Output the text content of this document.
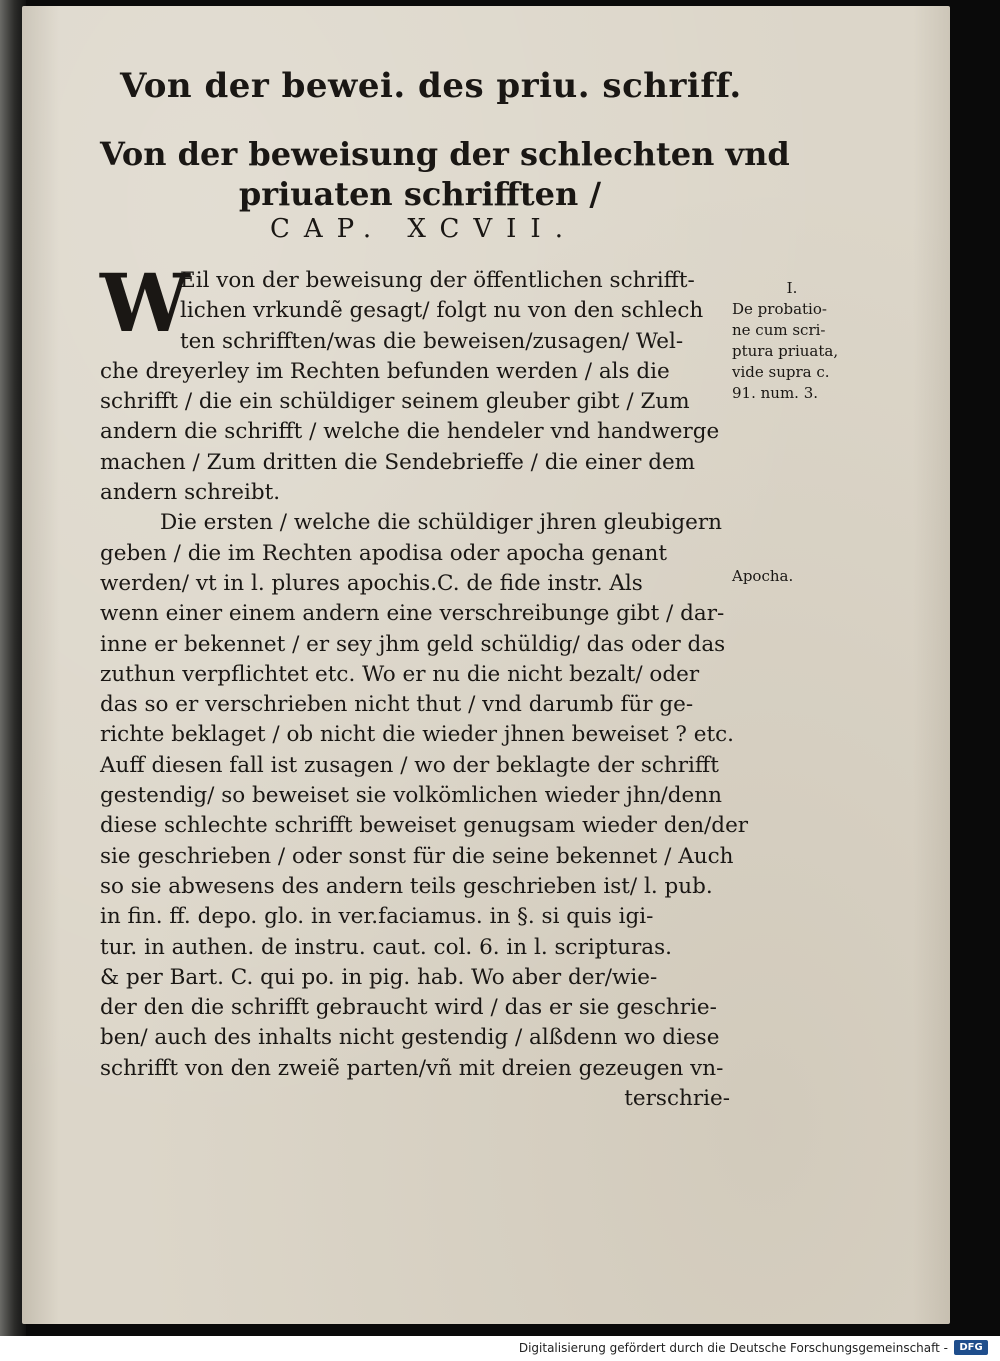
Von der bewei. des priu. schriff.
Von der beweisung der schlechten vnd
priuaten schrifften /
CAP. XCVII.
W
Eil von der beweisung der öffentlichen schrifft-
lichen vrkundẽ gesagt/ folgt nu von den schlech
ten schrifften/was die beweisen/zusagen/ Wel-
che dreyerley im Rechten befunden werden / als die
schrifft / die ein schüldiger seinem gleuber gibt / Zum
andern die schrifft / welche die hendeler vnd handwerge
machen / Zum dritten die Sendebrieffe / die einer dem
andern schreibt.
Die ersten / welche die schüldiger jhren gleubigern
geben / die im Rechten apodisa oder apocha genant
werden/ vt in l. plures apochis.C. de fide instr. Als
wenn einer einem andern eine verschreibunge gibt / dar-
inne er bekennet / er sey jhm geld schüldig/ das oder das
zuthun verpflichtet etc. Wo er nu die nicht bezalt/ oder
das so er verschrieben nicht thut / vnd darumb für ge-
richte beklaget / ob nicht die wieder jhnen beweiset ? etc.
Auff diesen fall ist zusagen / wo der beklagte der schrifft
gestendig/ so beweiset sie volkömlichen wieder jhn/denn
diese schlechte schrifft beweiset genugsam wieder den/der
sie geschrieben / oder sonst für die seine bekennet / Auch
so sie abwesens des andern teils geschrieben ist/ l. pub.
in fin. ff. depo. glo. in ver.faciamus. in §. si quis igi-
tur. in authen. de instru. caut. col. 6. in l. scripturas.
& per Bart. C. qui po. in pig. hab. Wo aber der/wie-
der den die schrifft gebraucht wird / das er sie geschrie-
ben/ auch des inhalts nicht gestendig / alßdenn wo diese
schrifft von den zweiẽ parten/vñ mit dreien gezeugen vn-
terschrie-
I.
De probatio-
ne cum scri-
ptura priuata,
vide supra c.
91. num. 3.
Apocha.
Digitalisierung gefördert durch die Deutsche Forschungsgemeinschaft -	DFG
